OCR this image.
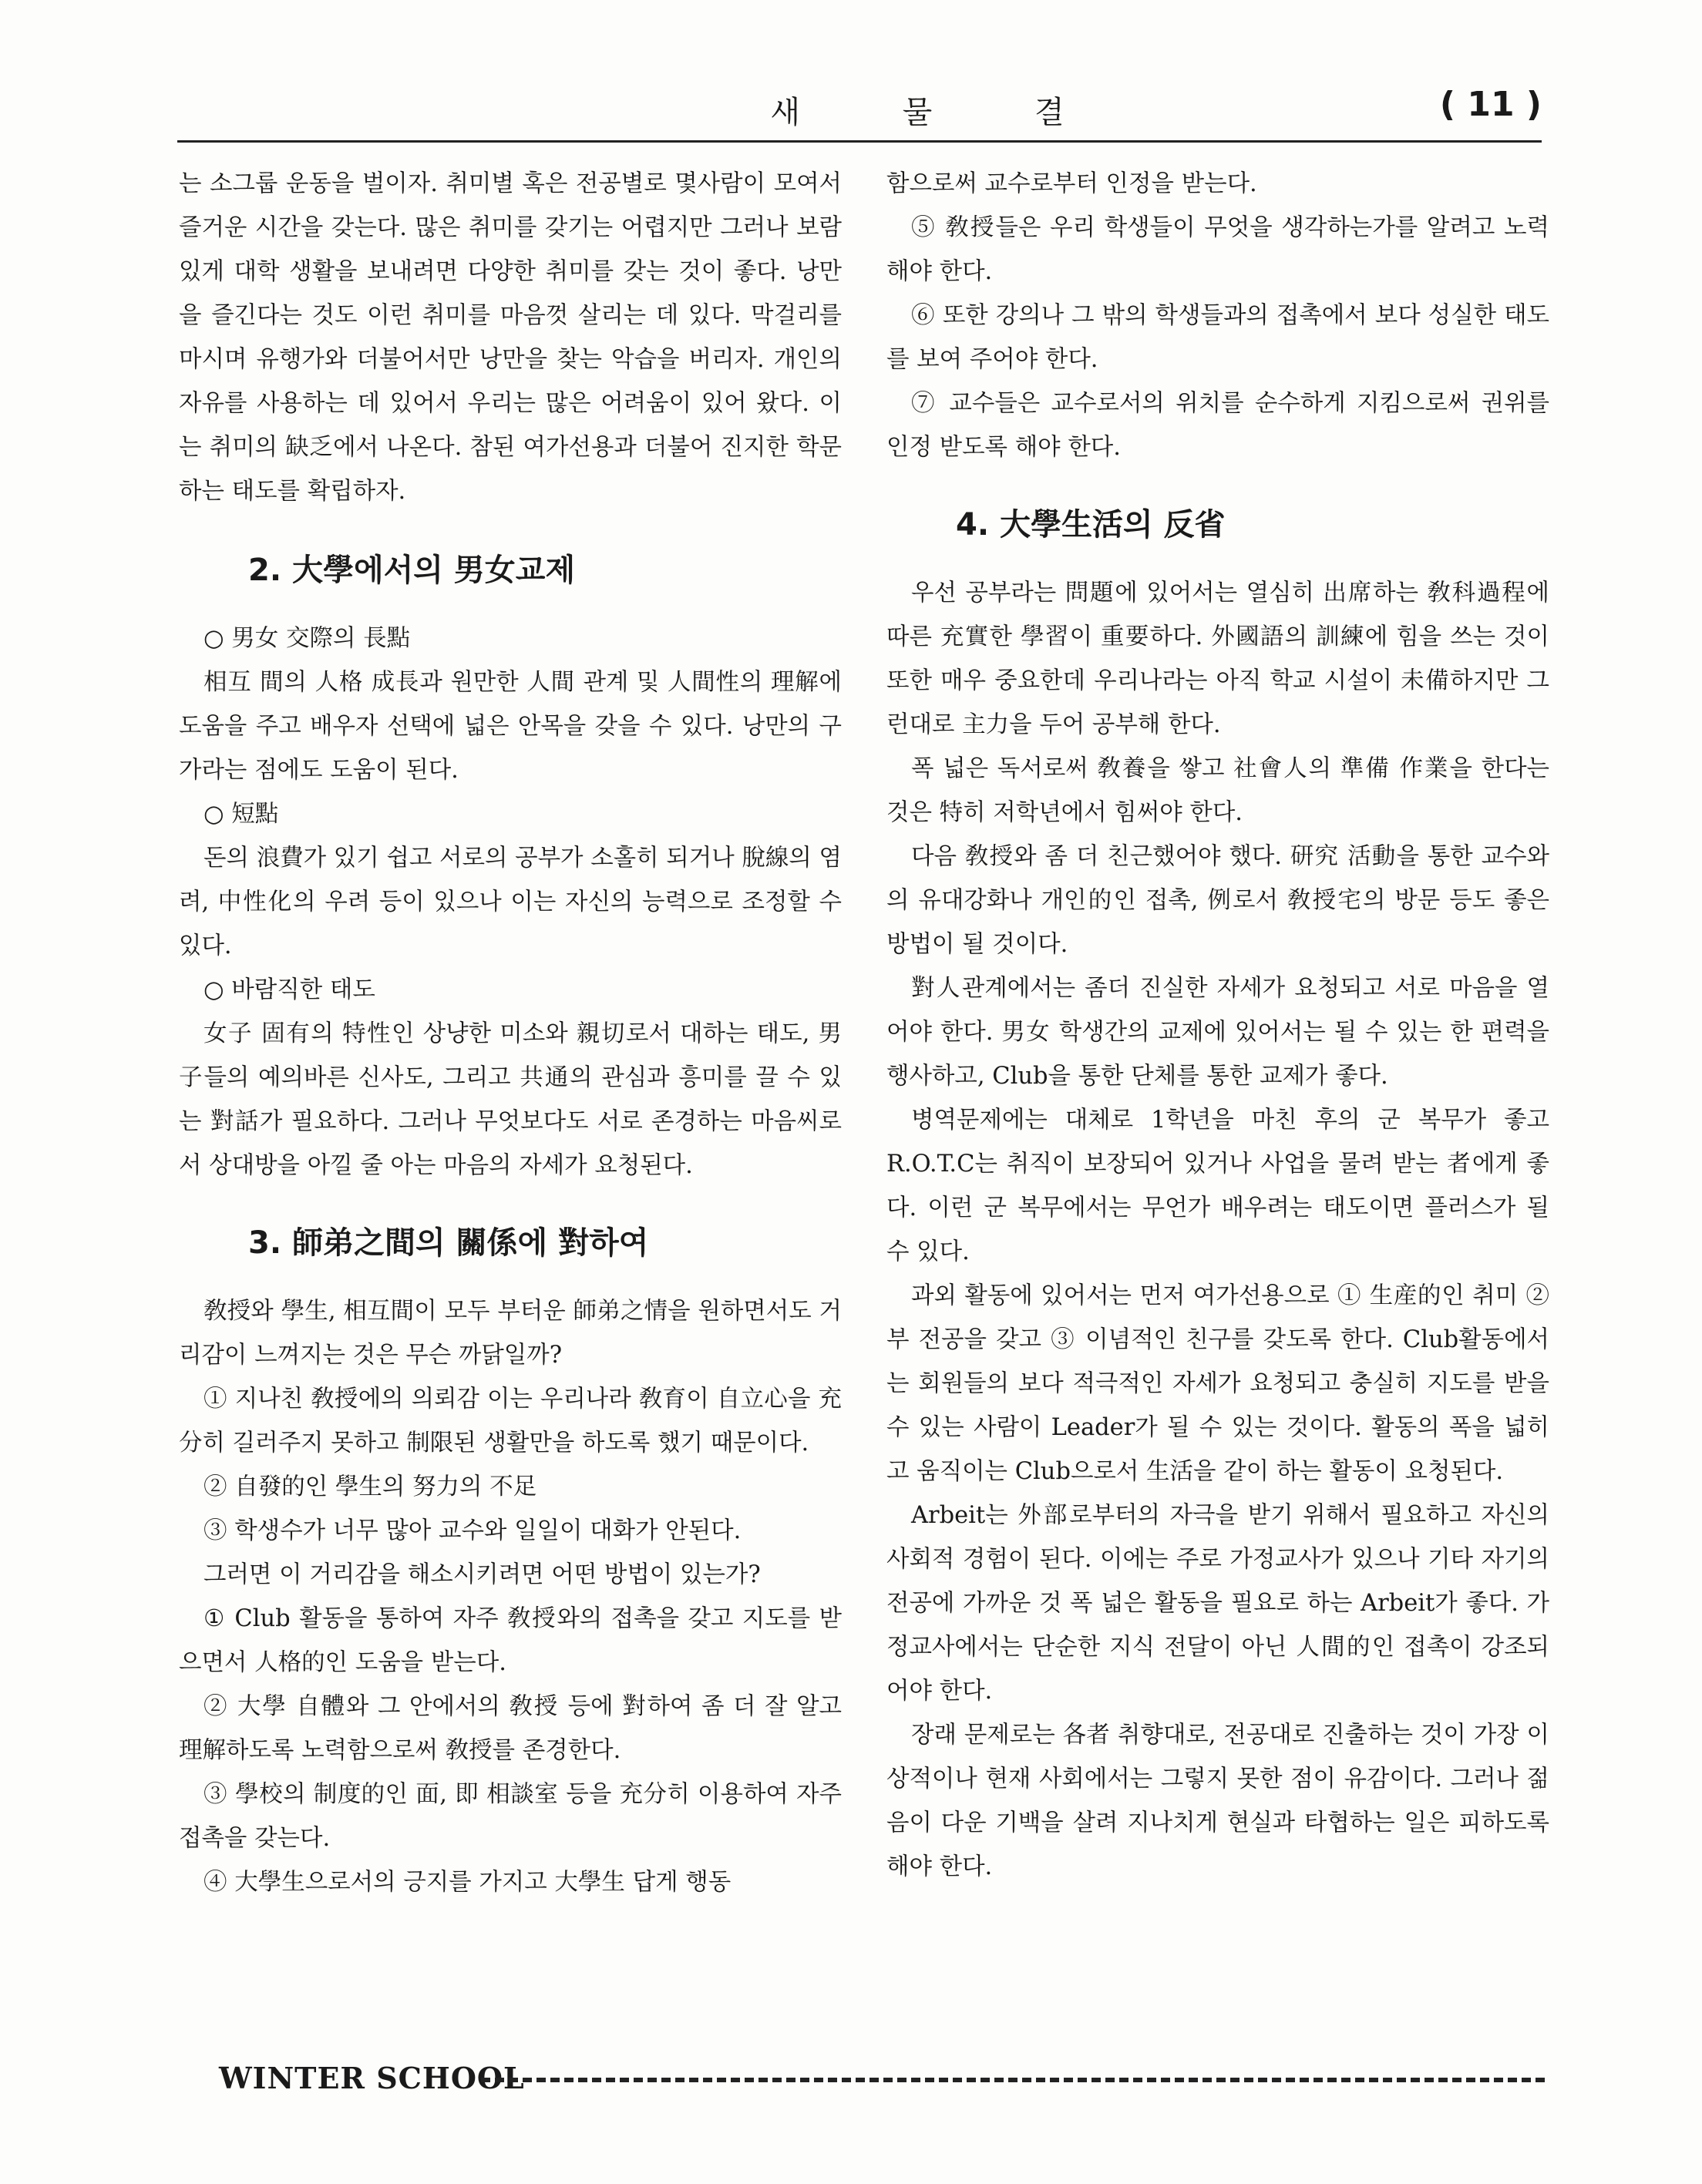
새 물 결	( 11 )

는 소그룹 운동을 벌이자. 취미별 혹은 전공별로 몇사람이 모여서 즐거운 시간을 갖는다. 많은 취미를 갖기는 어렵지만 그러나 보람있게 대학 생활을 보내려면 다양한 취미를 갖는 것이 좋다. 낭만을 즐긴다는 것도 이런 취미를 마음껏 살리는 데 있다. 막걸리를 마시며 유행가와 더불어서만 낭만을 찾는 악습을 버리자. 개인의 자유를 사용하는 데 있어서 우리는 많은 어려움이 있어 왔다. 이는 취미의 缺乏에서 나온다. 참된 여가선용과 더불어 진지한 학문하는 태도를 확립하자.

2. 大學에서의 男女교제

○ 男女 交際의 長點

相互 間의 人格 成長과 원만한 人間 관계 및 人間性의 理解에 도움을 주고 배우자 선택에 넓은 안목을 갖을 수 있다. 낭만의 구가라는 점에도 도움이 된다.

○ 短點

돈의 浪費가 있기 쉽고 서로의 공부가 소홀히 되거나 脫線의 염려, 中性化의 우려 등이 있으나 이는 자신의 능력으로 조정할 수 있다.

○ 바람직한 태도

女子 固有의 特性인 상냥한 미소와 親切로서 대하는 태도, 男子들의 예의바른 신사도, 그리고 共通의 관심과 흥미를 끌 수 있는 對話가 필요하다. 그러나 무엇보다도 서로 존경하는 마음씨로서 상대방을 아낄 줄 아는 마음의 자세가 요청된다.

3. 師弟之間의 關係에 對하여

敎授와 學生, 相互間이 모두 부터운 師弟之情을 원하면서도 거리감이 느껴지는 것은 무슨 까닭일까?

① 지나친 敎授에의 의뢰감 이는 우리나라 敎育이 自立心을 充分히 길러주지 못하고 制限된 생활만을 하도록 했기 때문이다.

② 自發的인 學生의 努力의 不足

③ 학생수가 너무 많아 교수와 일일이 대화가 안된다.

그러면 이 거리감을 해소시키려면 어떤 방법이 있는가?

① Club 활동을 통하여 자주 敎授와의 접촉을 갖고 지도를 받으면서 人格的인 도움을 받는다.

② 大學 自體와 그 안에서의 敎授 등에 對하여 좀 더 잘 알고 理解하도록 노력함으로써 敎授를 존경한다.

③ 學校의 制度的인 面, 即 相談室 등을 充分히 이용하여 자주 접촉을 갖는다.

④ 大學生으로서의 긍지를 가지고 大學生 답게 행동

함으로써 교수로부터 인정을 받는다.

⑤ 敎授들은 우리 학생들이 무엇을 생각하는가를 알려고 노력해야 한다.

⑥ 또한 강의나 그 밖의 학생들과의 접촉에서 보다 성실한 태도를 보여 주어야 한다.

⑦ 교수들은 교수로서의 위치를 순수하게 지킴으로써 권위를 인정 받도록 해야 한다.

4. 大學生活의 反省

우선 공부라는 問題에 있어서는 열심히 出席하는 敎科過程에 따른 充實한 學習이 重要하다. 外國語의 訓練에 힘을 쓰는 것이 또한 매우 중요한데 우리나라는 아직 학교 시설이 未備하지만 그런대로 主力을 두어 공부해 한다.

폭 넓은 독서로써 敎養을 쌓고 社會人의 準備 作業을 한다는 것은 特히 저학년에서 힘써야 한다.

다음 敎授와 좀 더 친근했어야 했다. 研究 活動을 통한 교수와의 유대강화나 개인的인 접촉, 例로서 敎授宅의 방문 등도 좋은 방법이 될 것이다.

對人관계에서는 좀더 진실한 자세가 요청되고 서로 마음을 열어야 한다. 男女 학생간의 교제에 있어서는 될 수 있는 한 편력을 행사하고, Club을 통한 단체를 통한 교제가 좋다.

병역문제에는 대체로 1학년을 마친 후의 군 복무가 좋고 R.O.T.C는 취직이 보장되어 있거나 사업을 물려 받는 者에게 좋다. 이런 군 복무에서는 무언가 배우려는 태도이면 플러스가 될 수 있다.

과외 활동에 있어서는 먼저 여가선용으로 ① 生産的인 취미 ② 부 전공을 갖고 ③ 이념적인 친구를 갖도록 한다. Club활동에서는 회원들의 보다 적극적인 자세가 요청되고 충실히 지도를 받을 수 있는 사람이 Leader가 될 수 있는 것이다. 활동의 폭을 넓히고 움직이는 Club으로서 生活을 같이 하는 활동이 요청된다.

Arbeit는 外部로부터의 자극을 받기 위해서 필요하고 자신의 사회적 경험이 된다. 이에는 주로 가정교사가 있으나 기타 자기의 전공에 가까운 것 폭 넓은 활동을 필요로 하는 Arbeit가 좋다. 가정교사에서는 단순한 지식 전달이 아닌 人間的인 접촉이 강조되어야 한다.

장래 문제로는 各者 취향대로, 전공대로 진출하는 것이 가장 이상적이나 현재 사회에서는 그렇지 못한 점이 유감이다. 그러나 젊음이 다운 기백을 살려 지나치게 현실과 타협하는 일은 피하도록 해야 한다.

WINTER SCHOOL
